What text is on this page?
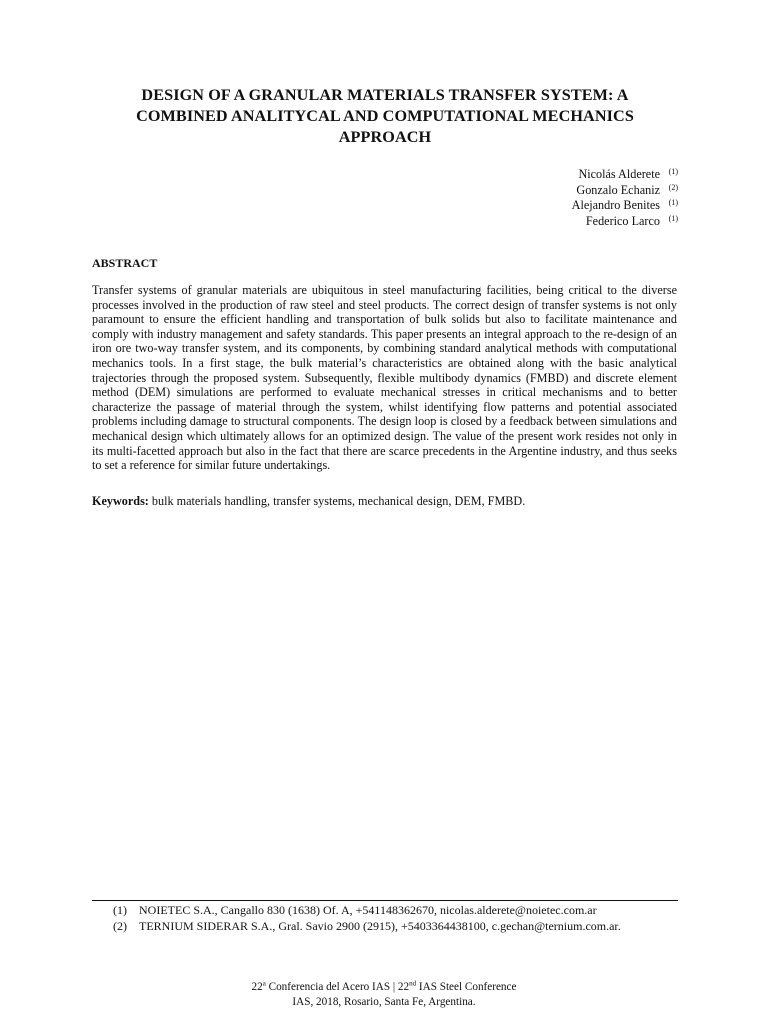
DESIGN OF A GRANULAR MATERIALS TRANSFER SYSTEM: A
COMBINED ANALITYCAL AND COMPUTATIONAL MECHANICS
APPROACH
Nicolás Alderete (1)
Gonzalo Echaniz (2)
Alejandro Benites (1)
Federico Larco (1)
ABSTRACT

Transfer systems of granular materials are ubiquitous in steel manufacturing facilities, being critical to the diverse processes involved in the production of raw steel and steel products. The correct design of transfer systems is not only paramount to ensure the efficient handling and transportation of bulk solids but also to facilitate maintenance and comply with industry management and safety standards. This paper presents an integral approach to the re-design of an iron ore two-way transfer system, and its components, by combining standard analytical methods with computational mechanics tools. In a first stage, the bulk material’s characteristics are obtained along with the basic analytical trajectories through the proposed system. Subsequently, flexible multibody dynamics (FMBD) and discrete element method (DEM) simulations are performed to evaluate mechanical stresses in critical mechanisms and to better characterize the passage of material through the system, whilst identifying flow patterns and potential associated problems including damage to structural components. The design loop is closed by a feedback between simulations and mechanical design which ultimately allows for an optimized design. The value of the present work resides not only in its multi-facetted approach but also in the fact that there are scarce precedents in the Argentine industry, and thus seeks to set a reference for similar future undertakings.

Keywords: bulk materials handling, transfer systems, mechanical design, DEM, FMBD.
(1) NOIETEC S.A., Cangallo 830 (1638) Of. A, +541148362670, nicolas.alderete@noietec.com.ar
(2) TERNIUM SIDERAR S.A., Gral. Savio 2900 (2915), +5403364438100, c.gechan@ternium.com.ar.
22$^a$ Conferencia del Acero IAS | 22nd IAS Steel Conference
IAS, 2018, Rosario, Santa Fe, Argentina.
